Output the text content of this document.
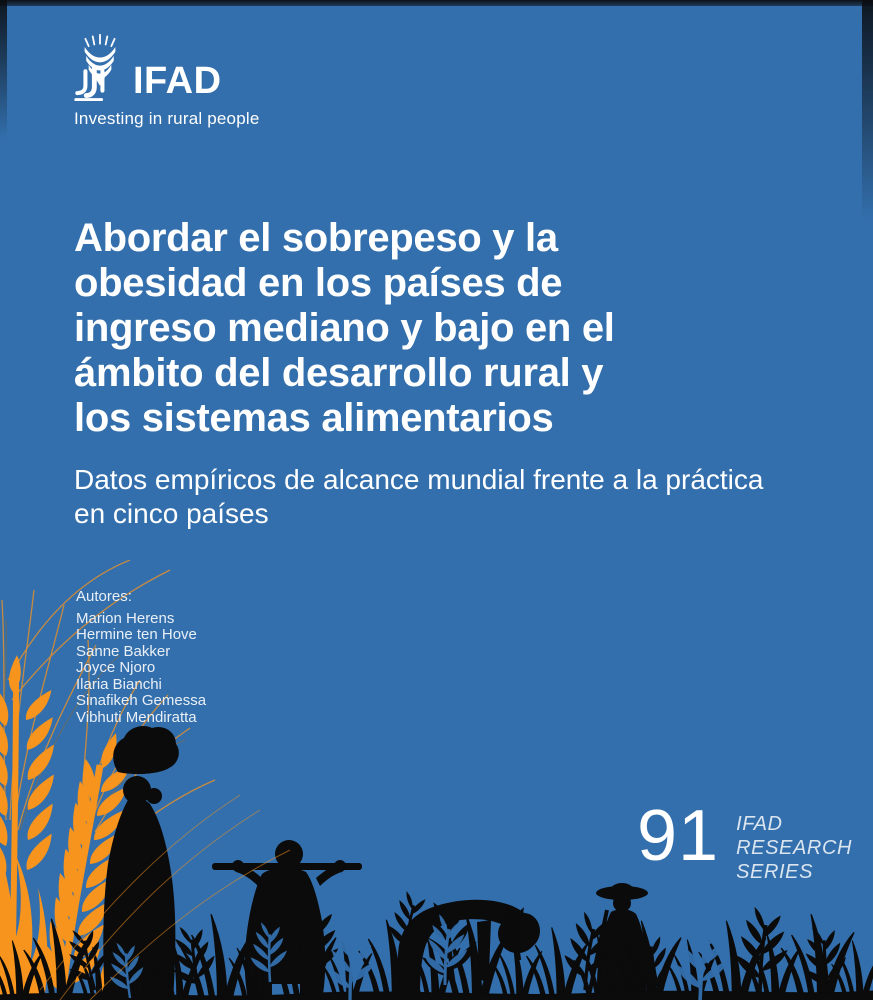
IFAD
Investing in rural people
Abordar el sobrepeso y la
obesidad en los países de
ingreso mediano y bajo en el
ámbito del desarrollo rural y
los sistemas alimentarios
Datos empíricos de alcance mundial frente a la práctica
en cinco países
Autores:
Marion Herens
Hermine ten Hove
Sanne Bakker
Joyce Njoro
Ilaria Bianchi
Sinafikeh Gemessa
Vibhuti Mendiratta
91 IFAD
RESEARCH
SERIES
